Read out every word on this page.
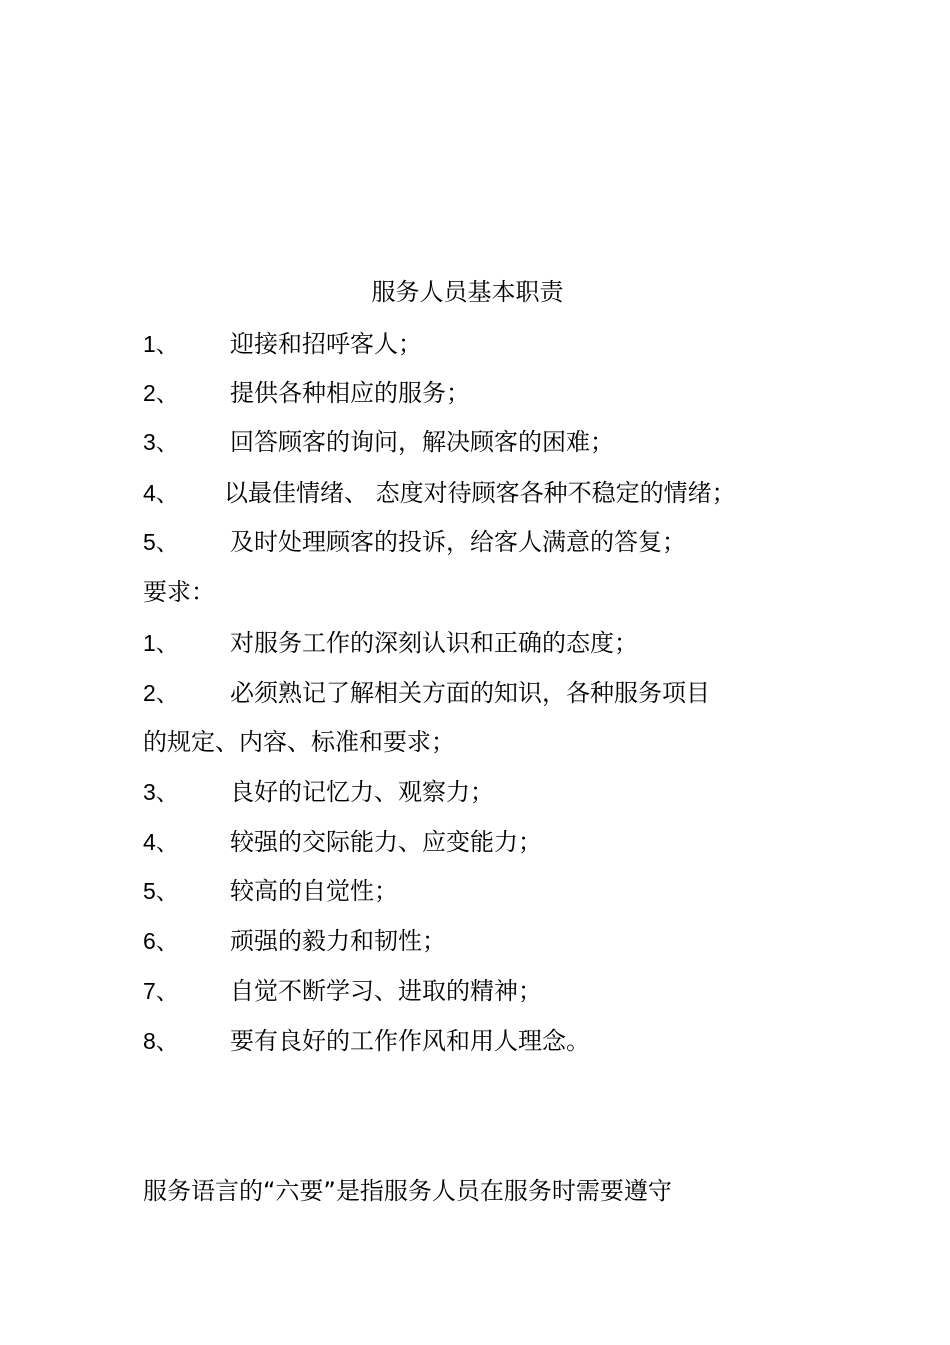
服务人员基本职责
1、 迎接和招呼客人；
2、 提供各种相应的服务；
3、 回答顾客的询问，解决顾客的困难；
4、 以最佳情绪、 态度对待顾客各种不稳定的情绪；
5、 及时处理顾客的投诉，给客人满意的答复；
要求：
1、 对服务工作的深刻认识和正确的态度；
2、 必须熟记了解相关方面的知识，各种服务项目
的规定、内容、标准和要求；
3、 良好的记忆力、观察力；
4、 较强的交际能力、应变能力；
5、 较高的自觉性；
6、 顽强的毅力和韧性；
7、 自觉不断学习、进取的精神；
8、 要有良好的工作作风和用人理念。
服务语言的“六要”是指服务人员在服务时需要遵守
